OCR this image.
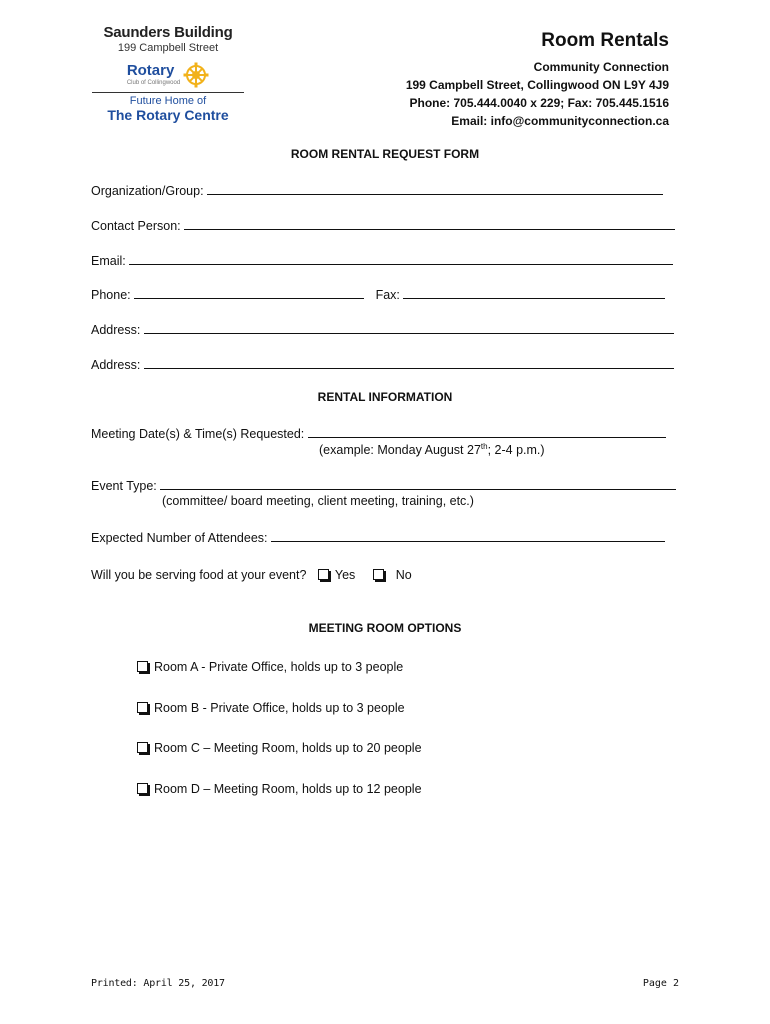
Saunders Building
199 Campbell Street
Rotary
Club of Collingwood
Future Home of
The Rotary Centre
Room Rentals
Community Connection
199 Campbell Street, Collingwood ON L9Y 4J9
Phone: 705.444.0040 x 229; Fax: 705.445.1516
Email: info@communityconnection.ca
ROOM RENTAL REQUEST FORM
Organization/Group:
Contact Person:
Email:
Phone:	Fax:
Address:
Address:
RENTAL INFORMATION
Meeting Date(s) & Time(s) Requested:
(example: Monday August 27th; 2-4 p.m.)
Event Type:
(committee/ board meeting, client meeting, training, etc.)
Expected Number of Attendees:
Will you be serving food at your event? Yes	No
MEETING ROOM OPTIONS
Room A - Private Office, holds up to 3 people
Room B - Private Office, holds up to 3 people
Room C – Meeting Room, holds up to 20 people
Room D – Meeting Room, holds up to 12 people
Printed: April 25, 2017	Page 2
